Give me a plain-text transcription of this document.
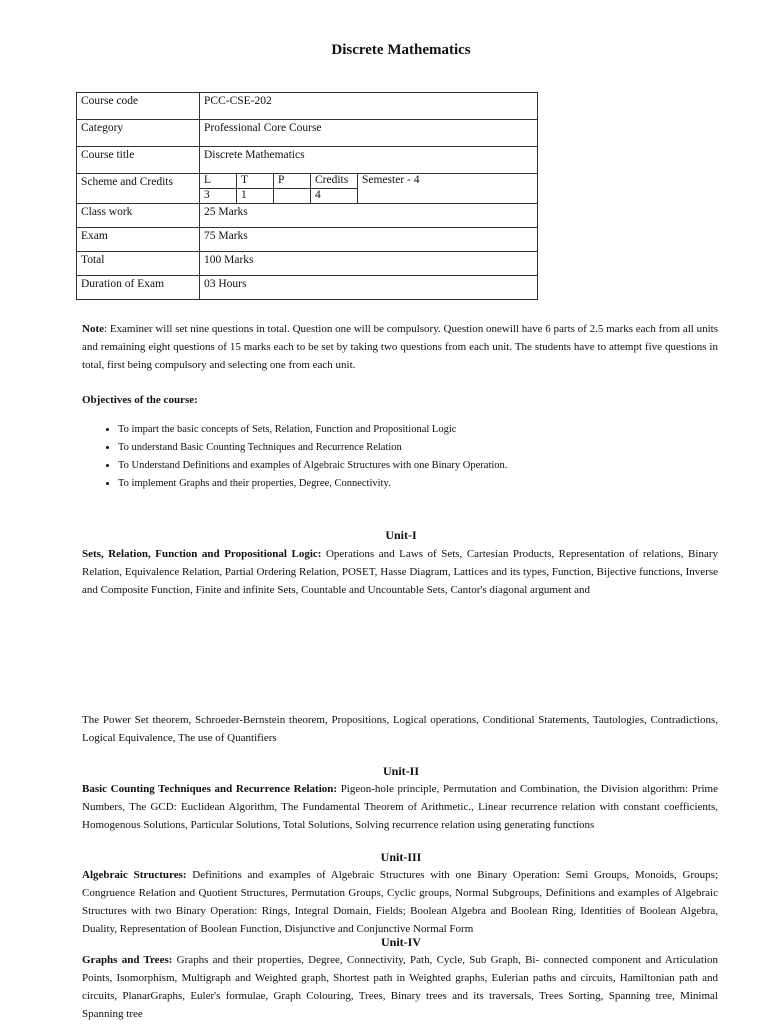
Discrete Mathematics
Course code	PCC-CSE-202
Category	Professional Core Course
Course title	Discrete Mathematics
Scheme and Credits		L	T	P	Credits	Semester - 4
3	1		4

Class work	25 Marks
Exam	75 Marks
Total	100 Marks
Duration of Exam	03 Hours

Note: Examiner will set nine questions in total. Question one will be compulsory. Question onewill have 6 parts of 2.5 marks each from all units and remaining eight questions of 15 marks each to be set by taking two questions from each unit. The students have to attempt five questions in total, first being compulsory and selecting one from each unit.

Objectives of the course:
• To impart the basic concepts of Sets, Relation, Function and Propositional Logic
• To understand Basic Counting Techniques and Recurrence Relation
• To Understand Definitions and examples of Algebraic Structures with one Binary Operation.
• To implement Graphs and their properties, Degree, Connectivity.
Unit-I

Sets, Relation, Function and Propositional Logic: Operations and Laws of Sets, Cartesian Products, Representation of relations, Binary Relation, Equivalence Relation, Partial Ordering Relation, POSET, Hasse Diagram, Lattices and its types, Function, Bijective functions, Inverse and Composite Function, Finite and infinite Sets, Countable and Uncountable Sets, Cantor's diagonal argument and

The Power Set theorem, Schroeder-Bernstein theorem, Propositions, Logical operations, Conditional Statements, Tautologies, Contradictions, Logical Equivalence, The use of Quantifiers

Unit-II

Basic Counting Techniques and Recurrence Relation: Pigeon-hole principle, Permutation and Combination, the Division algorithm: Prime Numbers, The GCD: Euclidean Algorithm, The Fundamental Theorem of Arithmetic., Linear recurrence relation with constant coefficients, Homogenous Solutions, Particular Solutions, Total Solutions, Solving recurrence relation using generating functions

Unit-III

Algebraic Structures: Definitions and examples of Algebraic Structures with one Binary Operation: Semi Groups, Monoids, Groups; Congruence Relation and Quotient Structures, Permutation Groups, Cyclic groups, Normal Subgroups, Definitions and examples of Algebraic Structures with two Binary Operation: Rings, Integral Domain, Fields; Boolean Algebra and Boolean Ring, Identities of Boolean Algebra, Duality, Representation of Boolean Function, Disjunctive and Conjunctive Normal Form

Unit-IV

Graphs and Trees: Graphs and their properties, Degree, Connectivity, Path, Cycle, Sub Graph, Bi- connected component and Articulation Points, Isomorphism, Multigraph and Weighted graph, Shortest path in Weighted graphs, Eulerian paths and circuits, Hamiltonian path and circuits, PlanarGraphs, Euler's formulae, Graph Colouring, Trees, Binary trees and its traversals, Trees Sorting, Spanning tree, Minimal Spanning tree
